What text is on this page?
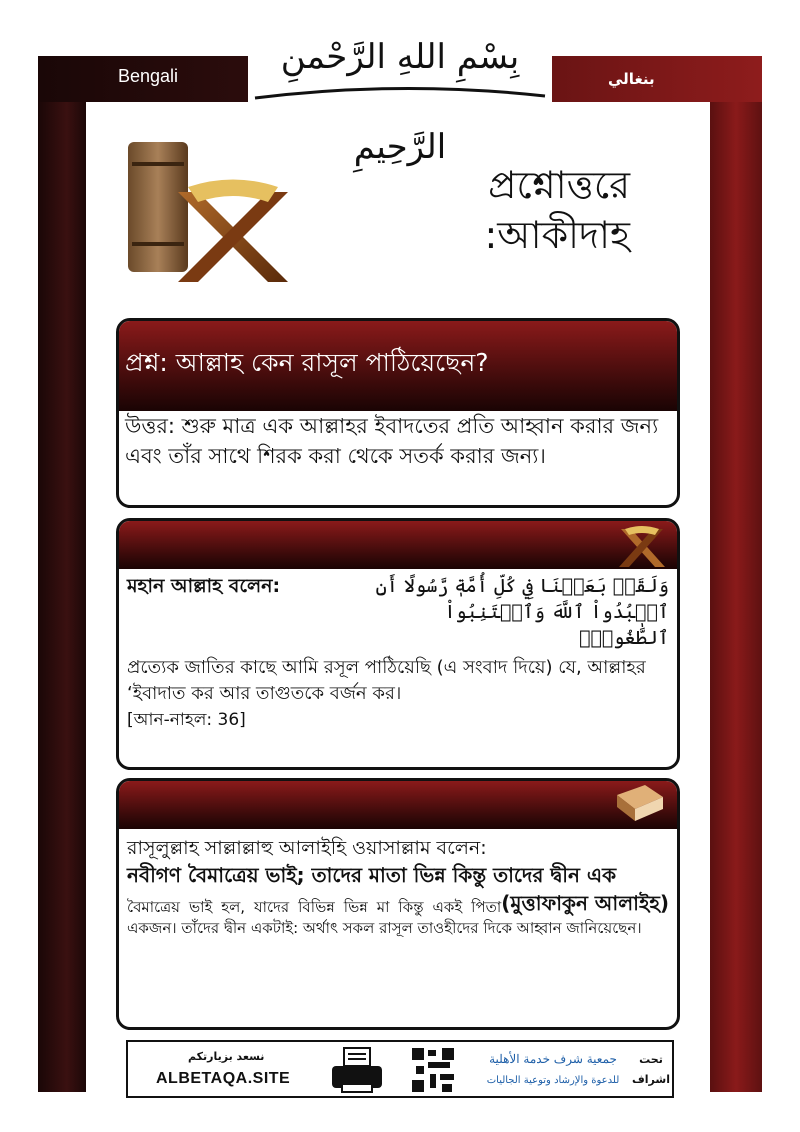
Bengali	بنغالي
بِسْمِ اللهِ الرَّحْمنِ الرَّحِيمِ
প্রশ্নোত্তরে
:আকীদাহ
প্রশ্ন: আল্লাহ কেন রাসূল পাঠিয়েছেন?
উত্তর: শুরু মাত্র এক আল্লাহর ইবাদতের প্রতি আহ্বান করার জন্য এবং তাঁর সাথে শিরক করা থেকে সতর্ক করার জন্য।
মহান আল্লাহ বলেন:	وَلَقَدۡ بَعَثۡنَا فِي كُلِّ أُمَّةٖ رَّسُولًا أَنِ ٱعۡبُدُواْ ٱللَّهَ وَٱجۡتَنِبُواْ ٱلطَّٰغُوتَۖ
প্রত্যেক জাতির কাছে আমি রসূল পাঠিয়েছি (এ সংবাদ দিয়ে) যে, আল্লাহর ‘ইবাদাত কর আর তাগুতকে বর্জন কর।
[আন-নাহল: 36]
রাসূলুল্লাহ সাল্লাল্লাহু আলাইহি ওয়াসাল্লাম বলেন:
নবীগণ বৈমাত্রেয় ভাই; তাদের মাতা ভিন্ন কিন্তু তাদের দ্বীন এক
(মুত্তাফাকুন আলাইহ)
বৈমাত্রেয় ভাই হল, যাদের বিভিন্ন ভিন্ন মা কিন্তু একই পিতা একজন। তাঁদের দ্বীন একটাই: অর্থাৎ সকল রাসূল তাওহীদের দিকে আহ্বান জানিয়েছেন।
نسعد بزيارتكم
ALBETAQA.SITE
جمعية شرف خدمة الأهلية
للدعوة والإرشاد وتوعية الجاليات
تحت
اشراف
